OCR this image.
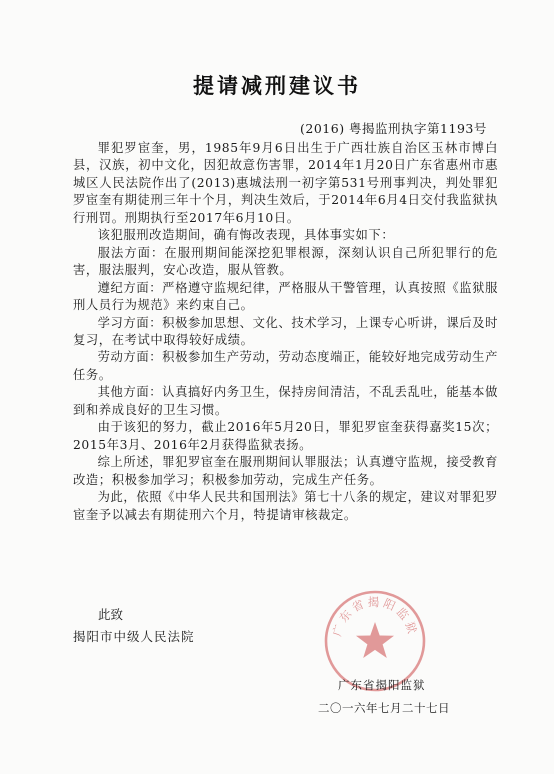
提请减刑建议书
(2016) 粤揭监刑执字第1193号

罪犯罗宦奎，男，1985年9月6日出生于广西壮族自治区玉林市博白县，汉族，初中文化，因犯故意伤害罪，2014年1月20日广东省惠州市惠城区人民法院作出了(2013)惠城法刑一初字第531号刑事判决，判处罪犯罗宦奎有期徒刑三年十个月，判决生效后，于2014年6月4日交付我监狱执行刑罚。刑期执行至2017年6月10日。

该犯服刑改造期间，确有悔改表现，具体事实如下：

服法方面：在服刑期间能深挖犯罪根源，深刻认识自己所犯罪行的危害，服法服判，安心改造，服从管教。

遵纪方面：严格遵守监规纪律，严格服从干警管理，认真按照《监狱服刑人员行为规范》来约束自己。

学习方面：积极参加思想、文化、技术学习，上课专心听讲，课后及时复习，在考试中取得较好成绩。

劳动方面：积极参加生产劳动，劳动态度端正，能较好地完成劳动生产任务。

其他方面：认真搞好内务卫生，保持房间清洁，不乱丢乱吐，能基本做到和养成良好的卫生习惯。

由于该犯的努力，截止2016年5月20日，罪犯罗宦奎获得嘉奖15次；2015年3月、2016年2月获得监狱表扬。

综上所述，罪犯罗宦奎在服刑期间认罪服法；认真遵守监规，接受教育改造；积极参加学习；积极参加劳动，完成生产任务。

为此，依照《中华人民共和国刑法》第七十八条的规定，建议对罪犯罗宦奎予以减去有期徒刑六个月，特提请审核裁定。

此致
揭阳市中级人民法院	广东省揭阳监狱
广东省揭阳监狱
二〇一六年七月二十七日
